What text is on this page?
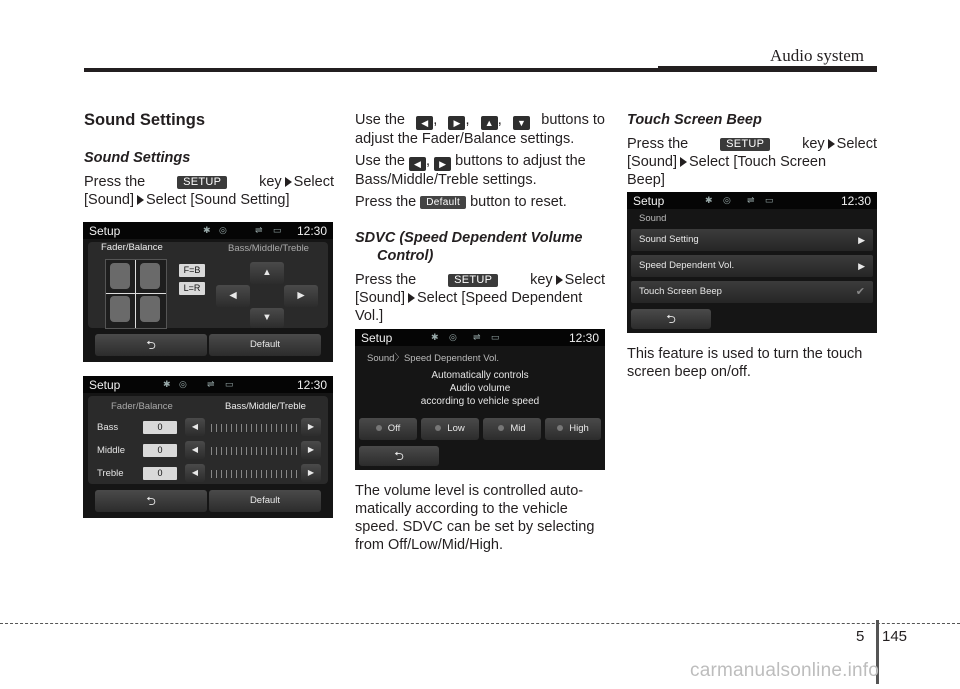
Audio system
Sound Settings
Sound Settings
Press the	SETUP	key Select
[Sound] Select [Sound Setting]
Setup	✱ ◎	⇌ ▭ 12:30
Fader/Balance	Bass/Middle/Treble
F=B
L=R
▲
◀	▶
▼
⮌	Default
Setup	✱ ◎ ⇌ ▭	12:30
Fader/Balance	Bass/Middle/Treble
Bass	0	◀	▶
Middle	0	◀	▶
Treble	0	◀	▶
⮌	Default
Use the	◀ ,	▶ ,	▲ ,	▼ buttons to
adjust the Fader/Balance settings.
Use the ◀ , ▶ buttons to adjust the
Bass/Middle/Treble settings.
Press the Default button to reset.
SDVC (Speed Dependent Volume
Control)
Press the	SETUP	key Select
[Sound] Select [Speed Dependent
Vol.]
Setup	✱ ◎ ⇌ ▭	12:30
Sound〉Speed Dependent Vol.
Automatically controls
Audio volume
according to vehicle speed
Off	Low	Mid	High
⮌
The volume level is controlled auto-
matically according to the vehicle
speed. SDVC can be set by selecting
from Off/Low/Mid/High.
Touch Screen Beep
Press the	SETUP	key Select
[Sound] Select [Touch Screen
Beep]
Setup	✱ ◎ ⇌ ▭	12:30
Sound
Sound Setting	▶
Speed Dependent Vol.	▶
Touch Screen Beep	✔
⮌
This feature is used to turn the touch
screen beep on/off.
5 145
carmanualsonline.info
